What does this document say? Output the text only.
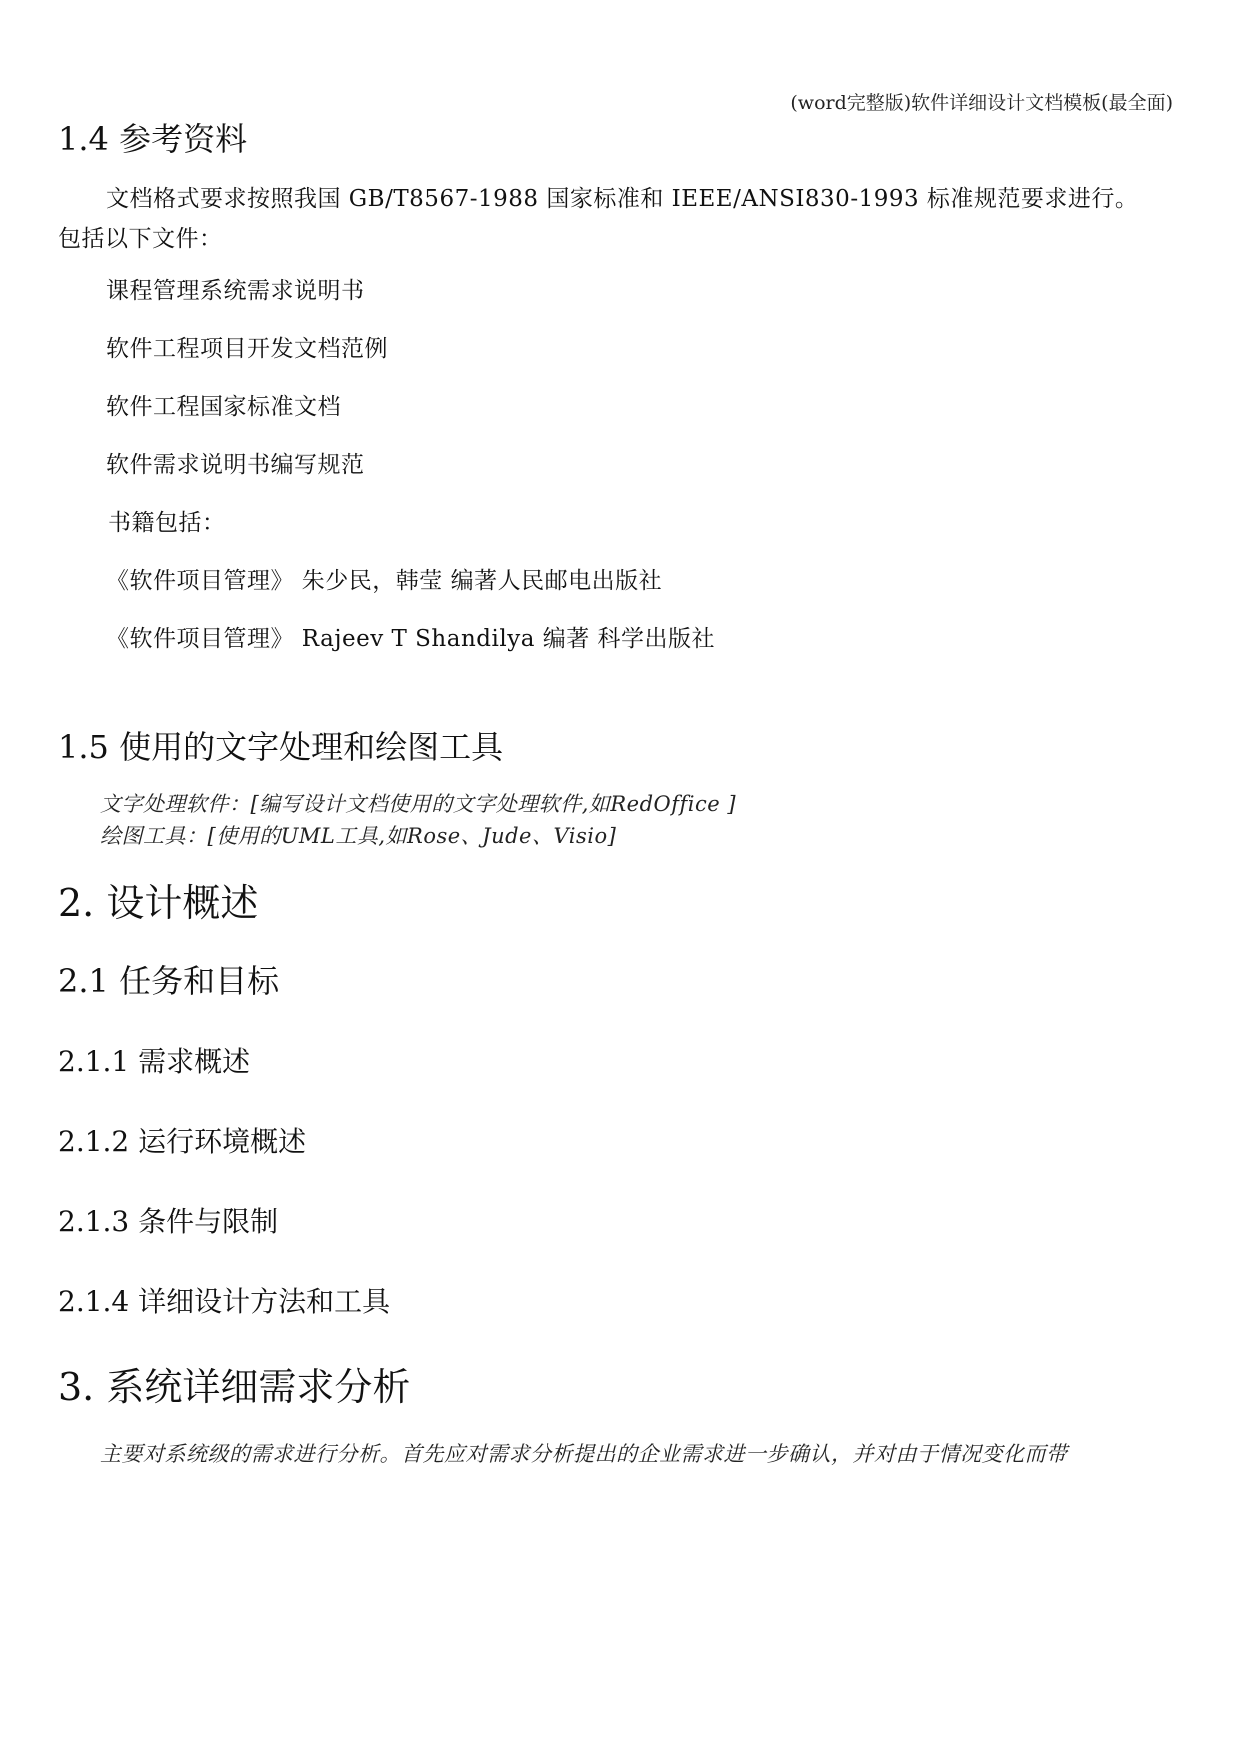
(word完整版)软件详细设计文档模板(最全面)
1.4 参考资料
文档格式要求按照我国 GB/T8567-1988 国家标准和 IEEE/ANSI830-1993 标准规范要求进行。
包括以下文件：
课程管理系统需求说明书
软件工程项目开发文档范例
软件工程国家标准文档
软件需求说明书编写规范
书籍包括：
《软件项目管理》 朱少民，韩莹 编著人民邮电出版社
《软件项目管理》 Rajeev T Shandilya 编著 科学出版社
1.5 使用的文字处理和绘图工具
文字处理软件：[编写设计文档使用的文字处理软件,如RedOffice ]
绘图工具：[使用的UML工具,如Rose、Jude、Visio]
2. 设计概述
2.1 任务和目标
2.1.1 需求概述
2.1.2 运行环境概述
2.1.3 条件与限制
2.1.4 详细设计方法和工具
3. 系统详细需求分析
主要对系统级的需求进行分析。首先应对需求分析提出的企业需求进一步确认，并对由于情况变化而带
